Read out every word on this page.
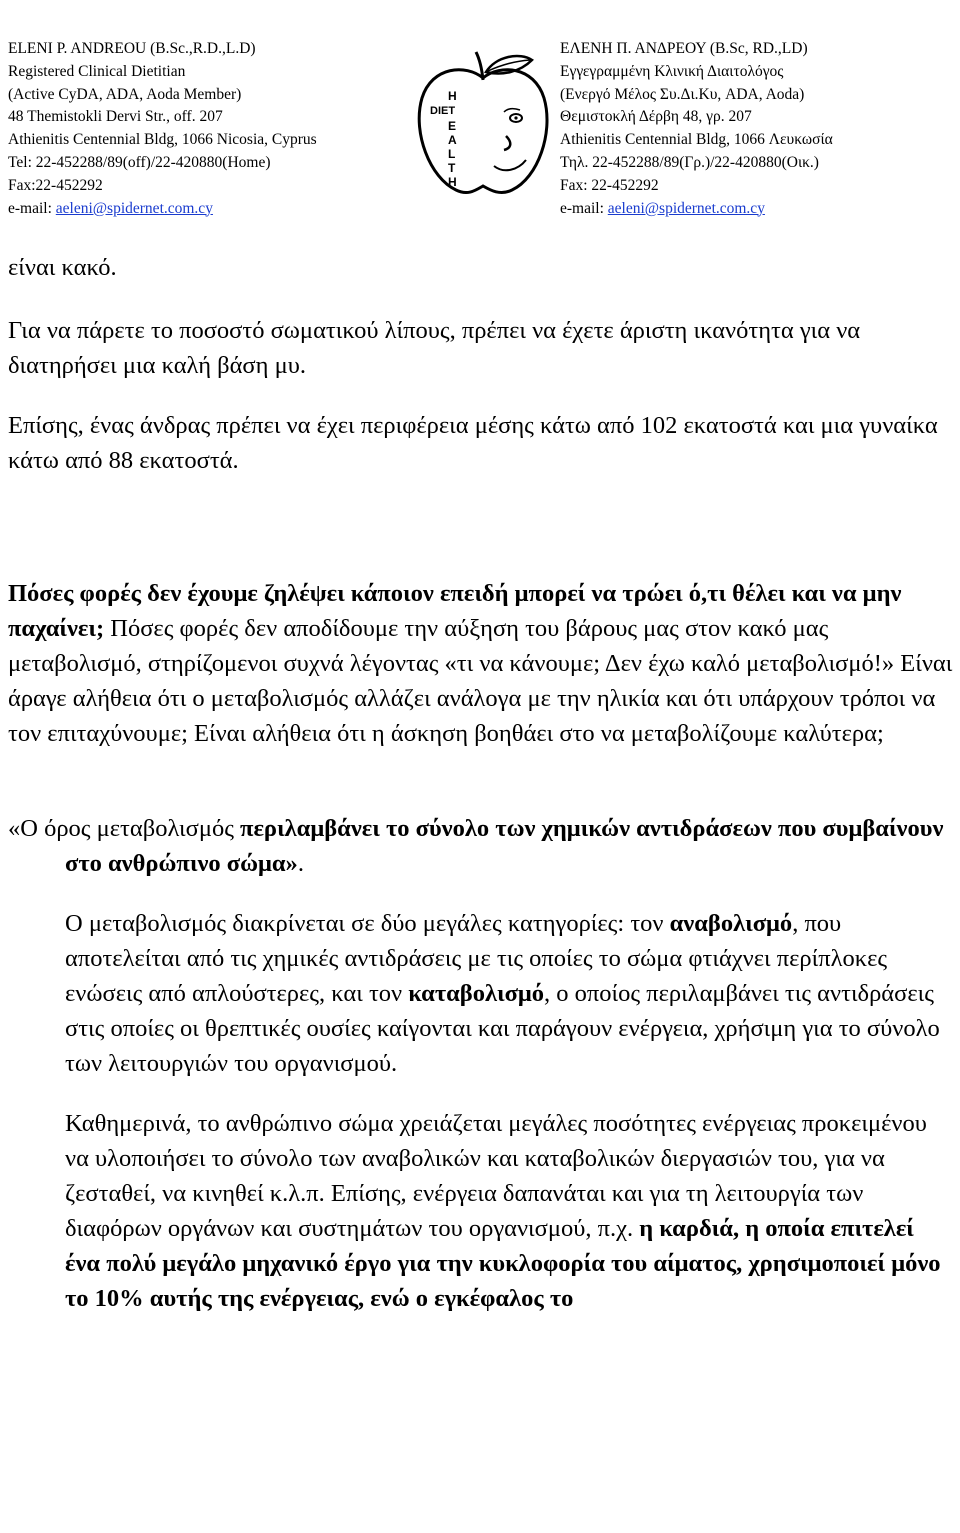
ELENI P. ANDREOU (B.Sc.,R.D.,L.D)
Registered Clinical Dietitian
(Active CyDA, ADA, Aoda Member)
48 Themistokli Dervi Str., off. 207
Athienitis Centennial Bldg, 1066 Nicosia, Cyprus
Tel: 22-452288/89(off)/22-420880(Home)
Fax:22-452292
e-mail: aeleni@spidernet.com.cy
H
DIET
E
A
L
T
H
ΕΛΕΝΗ Π. ΑΝΔΡΕΟΥ (B.Sc, RD.,LD)
Εγγεγραμμένη Κλινική Διαιτολόγος
(Ενεργό Μέλος Συ.Δι.Κυ, ADA, Aoda)
Θεμιστοκλή Δέρβη 48, γρ. 207
Athienitis Centennial Bldg, 1066 Λευκωσία
Τηλ. 22-452288/89(Γρ.)/22-420880(Οικ.)
Fax: 22-452292
e-mail: aeleni@spidernet.com.cy

είναι κακό.

Για να πάρετε το ποσοστό σωματικού λίπους, πρέπει να έχετε άριστη ικανότητα για να διατηρήσει μια καλή βάση μυ.

Επίσης, ένας άνδρας πρέπει να έχει περιφέρεια μέσης κάτω από 102 εκατοστά και μια γυναίκα κάτω από 88 εκατοστά.

Πόσες φορές δεν έχουμε ζηλέψει κάποιον επειδή μπορεί να τρώει ό,τι θέλει και να μην παχαίνει; Πόσες φορές δεν αποδίδουμε την αύξηση του βάρους μας στον κακό μας μεταβολισμό, στηρίζομενοι συχνά λέγοντας «τι να κάνουμε; Δεν έχω καλό μεταβολισμό!» Είναι άραγε αλήθεια ότι ο μεταβολισμός αλλάζει ανάλογα με την ηλικία και ότι υπάρχουν τρόποι να τον επιταχύνουμε; Είναι αλήθεια ότι η άσκηση βοηθάει στο να μεταβολίζουμε καλύτερα;

«Ο όρος μεταβολισμός περιλαμβάνει το σύνολο των χημικών αντιδράσεων που συμβαίνουν στο ανθρώπινο σώμα».

Ο μεταβολισμός διακρίνεται σε δύο μεγάλες κατηγορίες: τον αναβολισμό, που αποτελείται από τις χημικές αντιδράσεις με τις οποίες το σώμα φτιάχνει περίπλοκες ενώσεις από απλούστερες, και τον καταβολισμό, ο οποίος περιλαμβάνει τις αντιδράσεις στις οποίες οι θρεπτικές ουσίες καίγονται και παράγουν ενέργεια, χρήσιμη για το σύνολο των λειτουργιών του οργανισμού.

Καθημερινά, το ανθρώπινο σώμα χρειάζεται μεγάλες ποσότητες ενέργειας προκειμένου να υλοποιήσει το σύνολο των αναβολικών και καταβολικών διεργασιών του, για να ζεσταθεί, να κινηθεί κ.λ.π. Επίσης, ενέργεια δαπανάται και για τη λειτουργία των διαφόρων οργάνων και συστημάτων του οργανισμού, π.χ. η καρδιά, η οποία επιτελεί ένα πολύ μεγάλο μηχανικό έργο για την κυκλοφορία του αίματος, χρησιμοποιεί μόνο το 10% αυτής της ενέργειας, ενώ ο εγκέφαλος το
